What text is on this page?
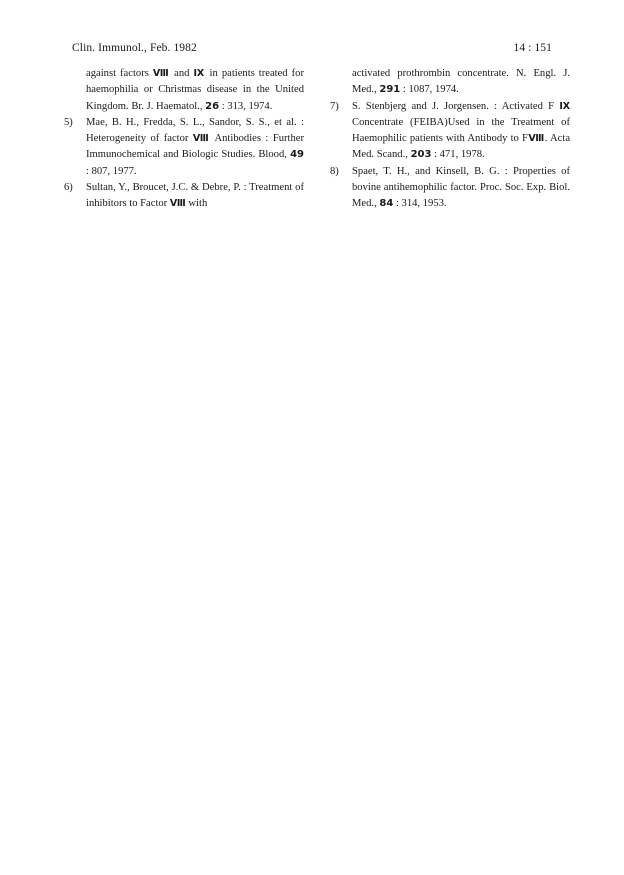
Clin. Immunol., Feb. 1982	14 : 151
against factors Ⅷ and Ⅸ in patients treated for haemophilia or Christmas disease in the United Kingdom. Br. J. Haematol., 26 : 313, 1974.
5)	Mae, B. H., Fredda, S. L., Sandor, S. S., et al. : Heterogeneity of factor Ⅷ Antibodies : Further Immunochemical and Biologic Studies. Blood, 49 : 807, 1977.
6)	Sultan, Y., Broucet, J.C. & Debre, P. : Treatment of inhibitors to Factor Ⅷ with
activated prothrombin concentrate. N. Engl. J. Med., 291 : 1087, 1974.
7)	S. Stenbjerg and J. Jorgensen. : Activated F Ⅸ Concentrate (FEIBA)Used in the Treatment of Haemophilic patients with Antibody to FⅧ. Acta Med. Scand., 203 : 471, 1978.
8)	Spaet, T. H., and Kinsell, B. G. : Properties of bovine antihemophilic factor. Proc. Soc. Exp. Biol. Med., 84 : 314, 1953.
